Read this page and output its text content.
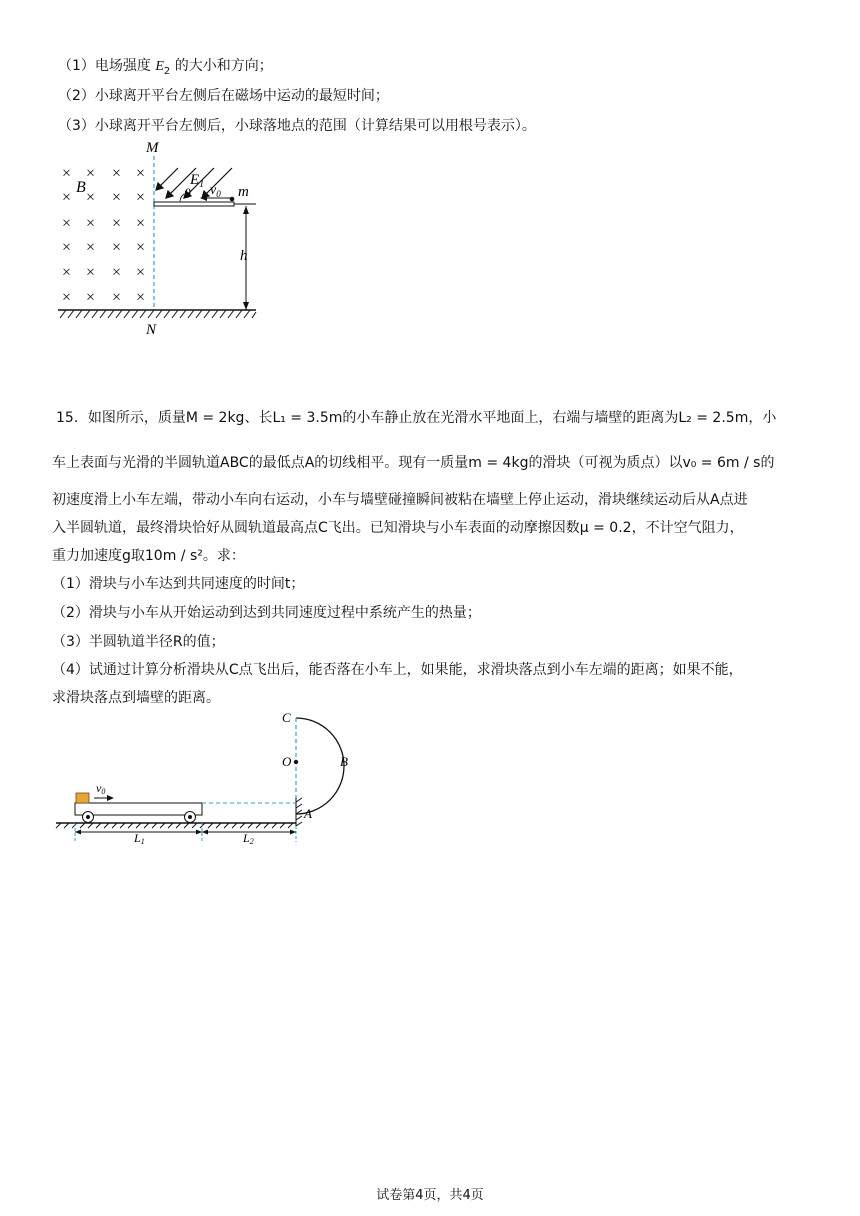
（1）电场强度 $E_2$ 的大小和方向；
（2）小球离开平台左侧后在磁场中运动的最短时间；
（3）小球离开平台左侧后，小球落地点的范围（计算结果可以用根号表示）。
× × × ×
×
×	× ×
× × × ×
× × × ×
× × × ×
× × × ×
B
M
N
h
$E_1$
θ $v_0$ m
15．如图所示，质量M = 2kg、长L₁ = 3.5m的小车静止放在光滑水平地面上，右端与墙壁的距离为L₂ = 2.5m，小
车上表面与光滑的半圆轨道ABC的最低点A的切线相平。现有一质量m = 4kg的滑块（可视为质点）以v₀ = 6m / s的
初速度滑上小车左端，带动小车向右运动，小车与墙壁碰撞瞬间被粘在墙壁上停止运动，滑块继续运动后从A点进
入半圆轨道，最终滑块恰好从圆轨道最高点C飞出。已知滑块与小车表面的动摩擦因数μ = 0.2，不计空气阻力，
重力加速度g取10m / s²。求：
（1）滑块与小车达到共同速度的时间t；
（2）滑块与小车从开始运动到达到共同速度过程中系统产生的热量；
（3）半圆轨道半径R的值；
（4）试通过计算分析滑块从C点飞出后，能否落在小车上，如果能，求滑块落点到小车左端的距离；如果不能，
求滑块落点到墙壁的距离。
C
O	B
A
v0
L1	L2
试卷第4页，共4页
